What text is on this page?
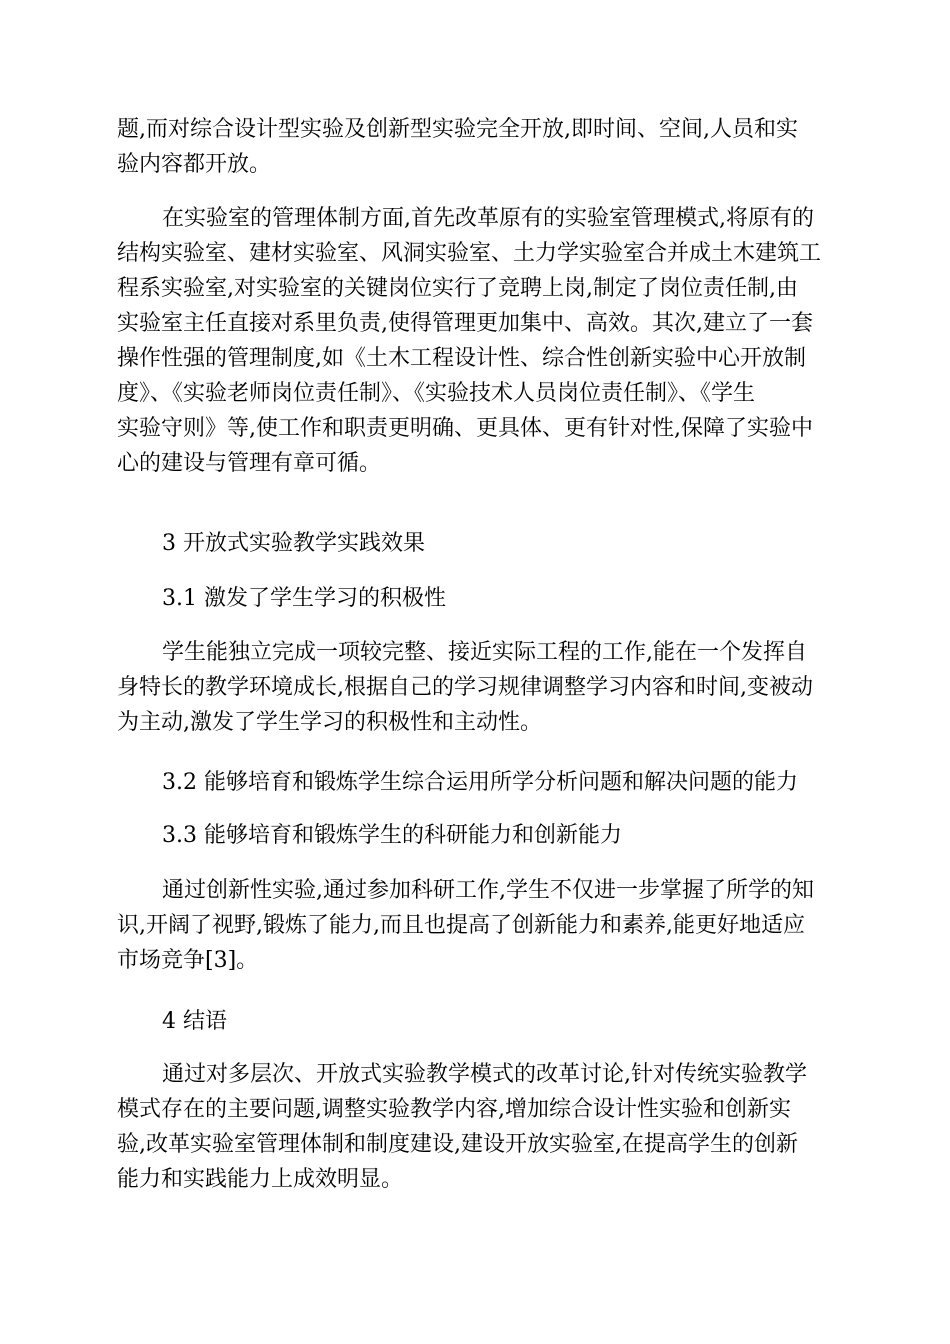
题,而对综合设计型实验及创新型实验完全开放,即时间、空间,人员和实
验内容都开放。

在实验室的管理体制方面,首先改革原有的实验室管理模式,将原有的
结构实验室、建材实验室、风洞实验室、土力学实验室合并成土木建筑工
程系实验室,对实验室的关键岗位实行了竞聘上岗,制定了岗位责任制,由
实验室主任直接对系里负责,使得管理更加集中、高效。其次,建立了一套
操作性强的管理制度,如《土木工程设计性、综合性创新实验中心开放制
度》、《实验老师岗位责任制》、《实验技术人员岗位责任制》、《学生
实验守则》等,使工作和职责更明确、更具体、更有针对性,保障了实验中
心的建设与管理有章可循。

3 开放式实验教学实践效果
3.1 激发了学生学习的积极性

学生能独立完成一项较完整、接近实际工程的工作,能在一个发挥自
身特长的教学环境成长,根据自己的学习规律调整学习内容和时间,变被动
为主动,激发了学生学习的积极性和主动性。

3.2 能够培育和锻炼学生综合运用所学分析问题和解决问题的能力
3.3 能够培育和锻炼学生的科研能力和创新能力

通过创新性实验,通过参加科研工作,学生不仅进一步掌握了所学的知
识,开阔了视野,锻炼了能力,而且也提高了创新能力和素养,能更好地适应
市场竞争[3]。

4 结语

通过对多层次、开放式实验教学模式的改革讨论,针对传统实验教学
模式存在的主要问题,调整实验教学内容,增加综合设计性实验和创新实
验,改革实验室管理体制和制度建设,建设开放实验室,在提高学生的创新
能力和实践能力上成效明显。
